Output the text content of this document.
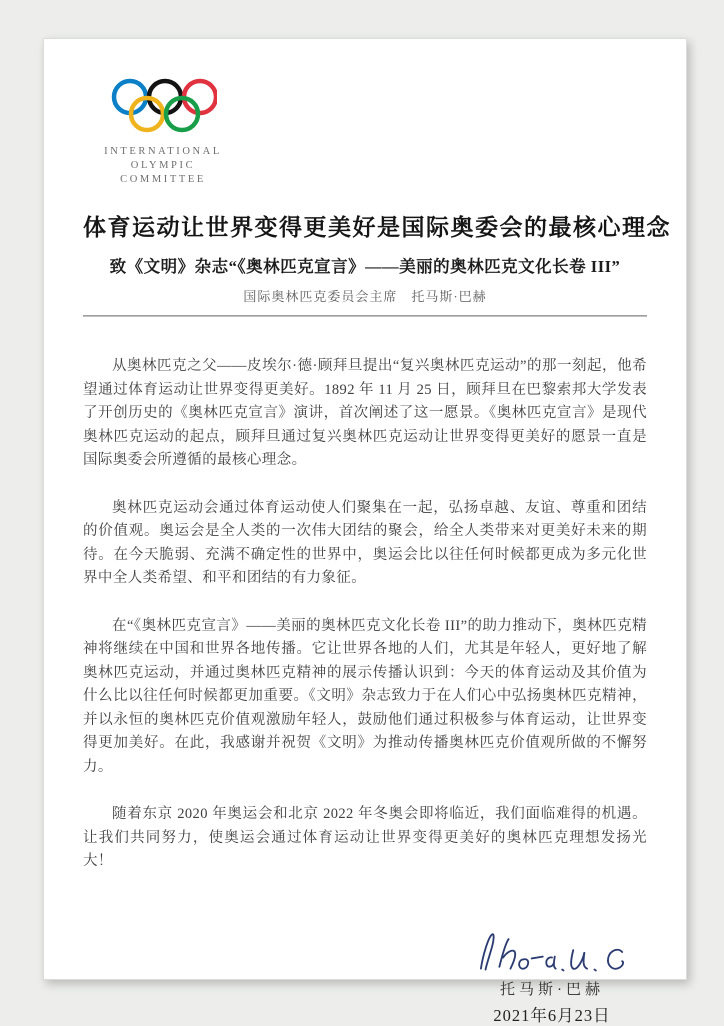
INTERNATIONAL
OLYMPIC
COMMITTEE
体育运动让世界变得更美好是国际奥委会的最核心理念
致《文明》杂志“《奥林匹克宣言》——美丽的奥林匹克文化长卷 III”
国际奥林匹克委员会主席　托马斯·巴赫

从奥林匹克之父——皮埃尔·德·顾拜旦提出“复兴奥林匹克运动”的那一刻起，他希望通过体育运动让世界变得更美好。1892 年 11 月 25 日，顾拜旦在巴黎索邦大学发表了开创历史的《奥林匹克宣言》演讲，首次阐述了这一愿景。《奥林匹克宣言》是现代奥林匹克运动的起点，顾拜旦通过复兴奥林匹克运动让世界变得更美好的愿景一直是国际奥委会所遵循的最核心理念。

奥林匹克运动会通过体育运动使人们聚集在一起，弘扬卓越、友谊、尊重和团结的价值观。奥运会是全人类的一次伟大团结的聚会，给全人类带来对更美好未来的期待。在今天脆弱、充满不确定性的世界中，奥运会比以往任何时候都更成为多元化世界中全人类希望、和平和团结的有力象征。

在“《奥林匹克宣言》——美丽的奥林匹克文化长卷 III”的助力推动下，奥林匹克精神将继续在中国和世界各地传播。它让世界各地的人们，尤其是年轻人，更好地了解奥林匹克运动，并通过奥林匹克精神的展示传播认识到：今天的体育运动及其价值为什么比以往任何时候都更加重要。《文明》杂志致力于在人们心中弘扬奥林匹克精神，并以永恒的奥林匹克价值观激励年轻人，鼓励他们通过积极参与体育运动，让世界变得更加美好。在此，我感谢并祝贺《文明》为推动传播奥林匹克价值观所做的不懈努力。

随着东京 2020 年奥运会和北京 2022 年冬奥会即将临近，我们面临难得的机遇。让我们共同努力，使奥运会通过体育运动让世界变得更美好的奥林匹克理想发扬光大！

托马斯·巴赫
2021年6月23日
